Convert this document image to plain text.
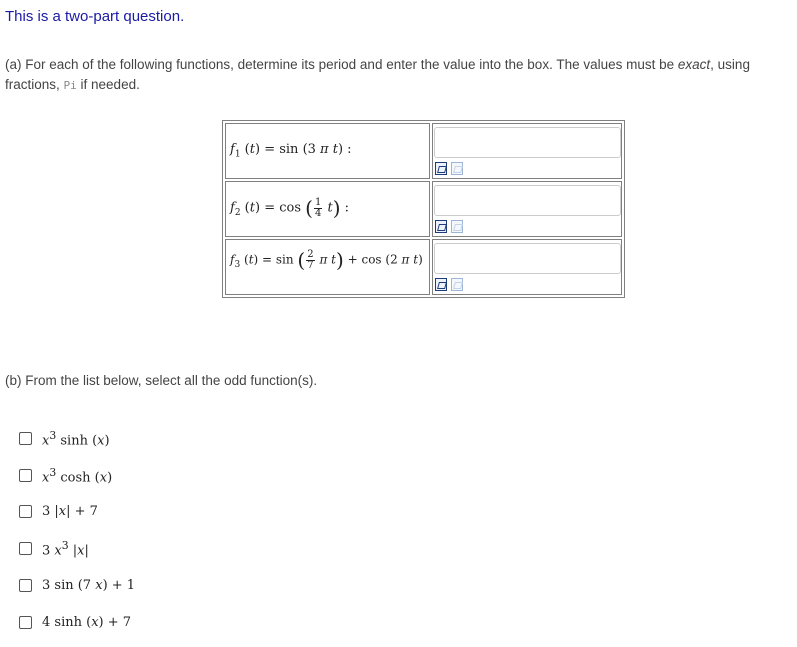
This is a two-part question.
(a) For each of the following functions, determine its period and enter the value into the box. The values must be exact, using fractions, Pi if needed.
$f_1$ (t) = sin (3 π t) :

$f_2$ (t) = cos ( $\frac{1}{4} t$) :

$f_3$ (t) = sin ( $\frac{2}{7}$ π t) + cos (2 π t)

(b) From the list below, select all the odd function(s).
$x^3$ sinh (x)
$x^3$ cosh (x)
3 |x| + 7
3 $x^3$ |x|
3 sin (7 x) + 1
4 sinh (x) + 7
